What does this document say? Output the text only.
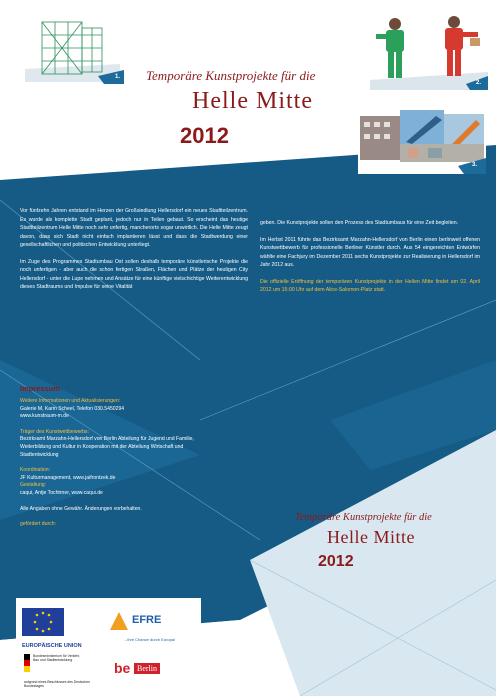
1.
2.
3.
Temporäre Kunstprojekte für die
Helle Mitte
2012

Vor fünfzehn Jahren entstand im Herzen der Großsiedlung Hellersdorf ein neues Stadtteilzentrum. Es wurde als komplette Stadt geplant, jedoch nur in Teilen gebaut. So erscheint das heutige Stadtteilzentrum Helle Mitte noch sehr unfertig, mancherorts sogar unwirtlich. Die Helle Mitte zeugt davon, dass sich Stadt nicht einfach implantieren lässt und dass die Stadtwerdung einer gesellschaftlichen und politischen Entwicklung unterliegt.

Im Zuge des Programmes Stadtumbau Ost sollen deshalb temporäre künstlerische Projekte die noch unfertigen - aber auch die schon fertigen Straßen, Flächen und Plätze der heutigen City Hellersdorf - unter die Lupe nehmen und Ansätze für eine künftige vielschichtige Weiterentwicklung dieses Stadtraums und Impulse für seine Vitalität

geben. Die Kunstprojekte sollen den Prozess des Stadtumbaus für eine Zeit begleiten.

Im Herbst 2011 führte das Bezirksamt Marzahn-Hellersdorf von Berlin einen berlinweit offenen Kunstwettbewerb für professionelle Berliner Künstler durch. Aus 54 eingereichten Entwürfen wählte eine Fachjury im Dezember 2011 sechs Kunstprojekte zur Realisierung in Hellersdorf im Jahr 2012 aus.

Die offizielle Eröffnung der temporären Kunstprojekte in der Hellen Mitte findet am 02. April 2012 um 15:00 Uhr auf dem Alice-Salomon-Platz statt.

Impressum
Weitere Informationen und Aktualisierungen:
Galerie M, Karin Scheel, Telefon 030.5450294
www.kunstraum-m.de
Träger des Kunstwettbewerbs:
Bezirksamt Marzahn-Hellersdorf von Berlin Abteilung für Jugend und Familie, Weiterbildung und Kultur in Kooperation mit der Abteilung Wirtschaft und Stadtentwicklung
Koordination:
JF Kulturmanagement, www.jaifrontzek.de
Gestaltung:
caqui, Antje Tochtrner, www.caqui.de
Alle Angaben ohne Gewähr. Änderungen vorbehalten.
gefördert durch:
EUROPÄISCHE UNION
EFRE
...ihre Chance durch Europa!
Bundesministerium für Verkehr, Bau und Stadtentwicklung
aufgrund eines Beschlusses des Deutschen Bundestages
be Berlin
Temporäre Kunstprojekte für die
Helle Mitte
2012
